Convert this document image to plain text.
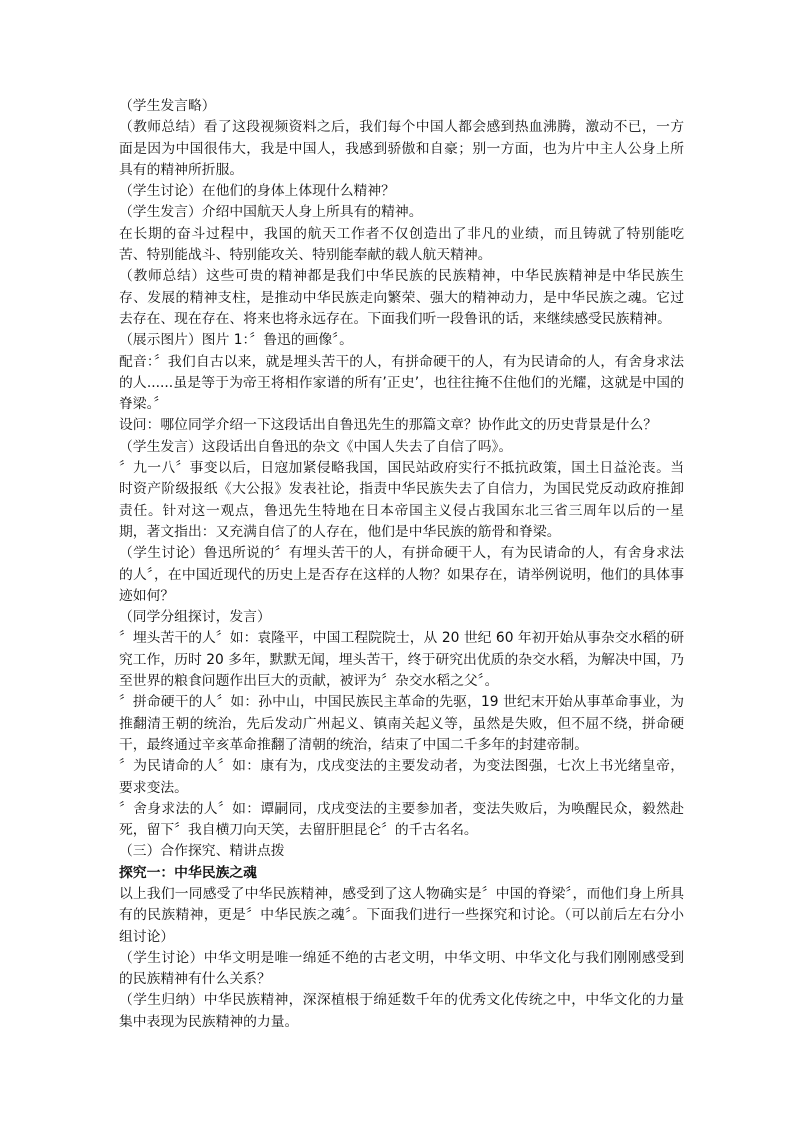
（学生发言略）

（教师总结）看了这段视频资料之后，我们每个中国人都会感到热血沸腾，激动不已，一方面是因为中国很伟大，我是中国人，我感到骄傲和自豪；别一方面，也为片中主人公身上所具有的精神所折服。

（学生讨论）在他们的身体上体现什么精神？

（学生发言）介绍中国航天人身上所具有的精神。

在长期的奋斗过程中，我国的航天工作者不仅创造出了非凡的业绩，而且铸就了特别能吃苦、特别能战斗、特别能攻关、特别能奉献的载人航天精神。

（教师总结）这些可贵的精神都是我们中华民族的民族精神，中华民族精神是中华民族生存、发展的精神支柱，是推动中华民族走向繁荣、强大的精神动力，是中华民族之魂。它过去存在、现在存在、将来也将永远存在。下面我们听一段鲁讯的话，来继续感受民族精神。

（展示图片）图片 1：〞鲁迅的画像〞。

配音：〞我们自古以来，就是埋头苦干的人，有拼命硬干的人，有为民请命的人，有舍身求法的人......虽是等于为帝王将相作家谱的所有’正史’，也往往掩不住他们的光耀，这就是中国的脊梁。〞

设问：哪位同学介绍一下这段话出自鲁迅先生的那篇文章？协作此文的历史背景是什么？

（学生发言）这段话出自鲁迅的杂文《中国人失去了自信了吗》。

〞九一八〞事变以后，日寇加紧侵略我国，国民站政府实行不抵抗政策，国土日益沦丧。当时资产阶级报纸《大公报》发表社论，指责中华民族失去了自信力，为国民党反动政府推卸责任。针对这一观点，鲁迅先生特地在日本帝国主义侵占我国东北三省三周年以后的一星期，著文指出：又充满自信了的人存在，他们是中华民族的筋骨和脊梁。

（学生讨论）鲁迅所说的〞有埋头苦干的人，有拼命硬干人，有为民请命的人，有舍身求法的人〞，在中国近现代的历史上是否存在这样的人物？如果存在，请举例说明，他们的具体事迹如何？

（同学分组探讨，发言）

〞埋头苦干的人〞如：袁隆平，中国工程院院士，从 20 世纪 60 年初开始从事杂交水稻的研究工作，历时 20 多年，默默无闻，埋头苦干，终于研究出优质的杂交水稻，为解决中国，乃至世界的粮食问题作出巨大的贡献，被评为〞杂交水稻之父〞。

〞拼命硬干的人〞如：孙中山，中国民族民主革命的先驱，19 世纪末开始从事革命事业，为推翻清王朝的统治，先后发动广州起义、镇南关起义等，虽然是失败，但不屈不绕，拼命硬干，最终通过辛亥革命推翻了清朝的统治，结束了中国二千多年的封建帝制。

〞为民请命的人〞如：康有为，戊戌变法的主要发动者，为变法图强，七次上书光绪皇帝，要求变法。

〞舍身求法的人〞如：谭嗣同，戊戌变法的主要参加者，变法失败后，为唤醒民众，毅然赴死，留下〞我自横刀向天笑，去留肝胆昆仑〞的千古名名。

（三）合作探究、精讲点拨

探究一：中华民族之魂

以上我们一同感受了中华民族精神，感受到了这人物确实是〞中国的脊梁〞，而他们身上所具有的民族精神，更是〞中华民族之魂〞。下面我们进行一些探究和讨论。（可以前后左右分小组讨论）

（学生讨论）中华文明是唯一绵延不绝的古老文明，中华文明、中华文化与我们刚刚感受到的民族精神有什么关系？

（学生归纳）中华民族精神，深深植根于绵延数千年的优秀文化传统之中，中华文化的力量集中表现为民族精神的力量。
